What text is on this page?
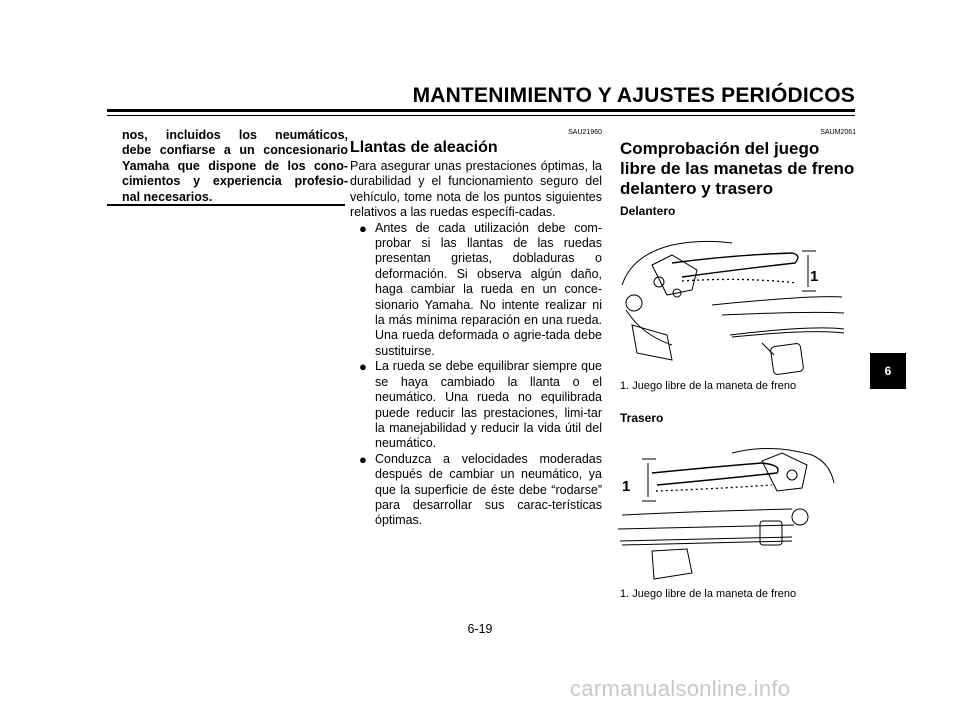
MANTENIMIENTO Y AJUSTES PERIÓDICOS

nos, incluidos los neumáticos,

debe confiarse a un concesionario

Yamaha que dispone de los cono-

cimientos y experiencia profesio-

nal necesarios.

SAU21960
Llantas de aleación

Para asegurar unas prestaciones óptimas, la durabilidad y el funcionamiento seguro del vehículo, tome nota de los puntos siguientes relativos a las ruedas específi-cadas.

● Antes de cada utilización debe com-probar si las llantas de las ruedas presentan grietas, dobladuras o deformación. Si observa algún daño, haga cambiar la rueda en un conce-sionario Yamaha. No intente realizar ni la más mínima reparación en una rueda. Una rueda deformada o agrie-tada debe sustituirse.
● La rueda se debe equilibrar siempre que se haya cambiado la llanta o el neumático. Una rueda no equilibrada puede reducir las prestaciones, limi-tar la manejabilidad y reducir la vida útil del neumático.
● Conduzca a velocidades moderadas después de cambiar un neumático, ya que la superficie de éste debe “rodarse” para desarrollar sus carac-terísticas óptimas.
SAUM2061
Comprobación del juego libre de las manetas de freno delantero y trasero

Delantero

1

1. Juego libre de la maneta de freno

Trasero

1

1. Juego libre de la maneta de freno

6-19
6
carmanualsonline.info
